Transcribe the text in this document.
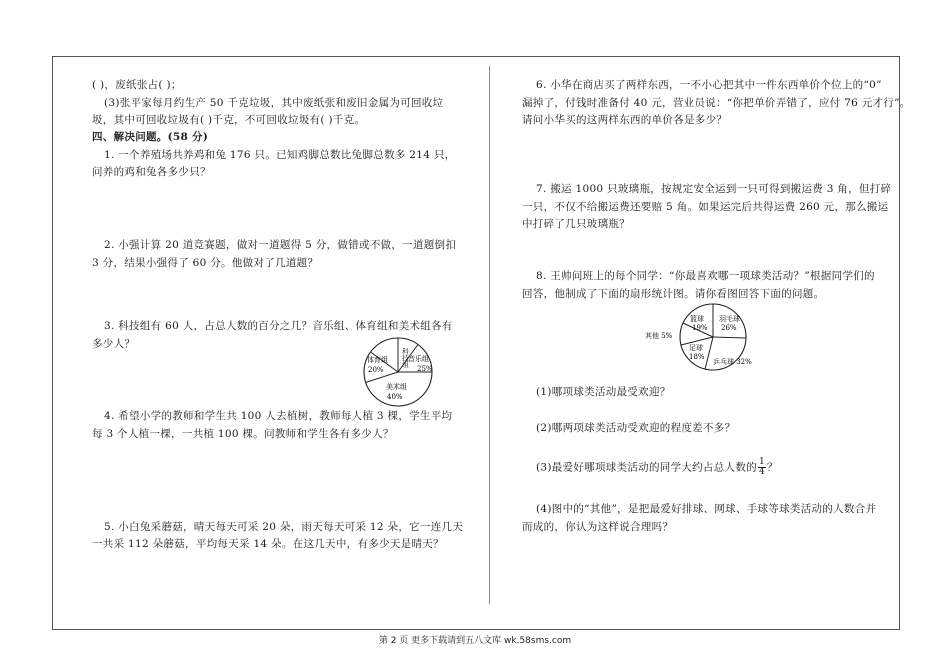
( )，废纸张占( )；
(3)张平家每月约生产 50 千克垃圾，其中废纸张和废旧金属为可回收垃
圾，其中可回收垃圾有( )千克，不可回收垃圾有( )千克。
四、解决问题。(58 分)
1. 一个养殖场共养鸡和兔 176 只。已知鸡脚总数比兔脚总数多 214 只，
问养的鸡和兔各多少只？
2. 小强计算 20 道竞赛题，做对一道题得 5 分，做错或不做，一道题倒扣
3 分，结果小强得了 60 分。他做对了几道题？
3. 科技组有 60 人，占总人数的百分之几？音乐组、体育组和美术组各有
多少人？
科技组 音乐组
25%
体育组
20%
美术组
40%
4. 希望小学的教师和学生共 100 人去植树，教师每人植 3 棵，学生平均
每 3 个人植一棵，一共植 100 棵。问教师和学生各有多少人？
5. 小白兔采蘑菇，晴天每天可采 20 朵，雨天每天可采 12 朵，它一连几天
一共采 112 朵蘑菇，平均每天采 14 朵。在这几天中，有多少天是晴天？
6. 小华在商店买了两样东西，一不小心把其中一件东西单价个位上的“0”
漏掉了，付钱时准备付 40 元，营业员说：“你把单价弄错了，应付 76 元才行”。
请问小华买的这两样东西的单价各是多少？
7. 搬运 1000 只玻璃瓶，按规定安全运到一只可得到搬运费 3 角，但打碎
一只，不仅不给搬运费还要赔 5 角。如果运完后共得运费 260 元，那么搬运
中打碎了几只玻璃瓶？
8. 王帅问班上的每个同学：“你最喜欢哪一项球类活动？”根据同学们的
回答，他制成了下面的扇形统计图。请你看图回答下面的问题。
篮球
19%
羽毛球
26%
其他 5%
足球
18%
乒乓球 32%
(1)哪项球类活动最受欢迎？
(2)哪两项球类活动受欢迎的程度差不多？
(3)最爱好哪项球类活动的同学大约占总人数的 $\frac{1}{4}$ ？
(4)图中的“其他”，是把最爱好排球、网球、手球等球类活动的人数合并
而成的，你认为这样说合理吗？
第 2 页 更多下载请到五八文库 wk.58sms.com
